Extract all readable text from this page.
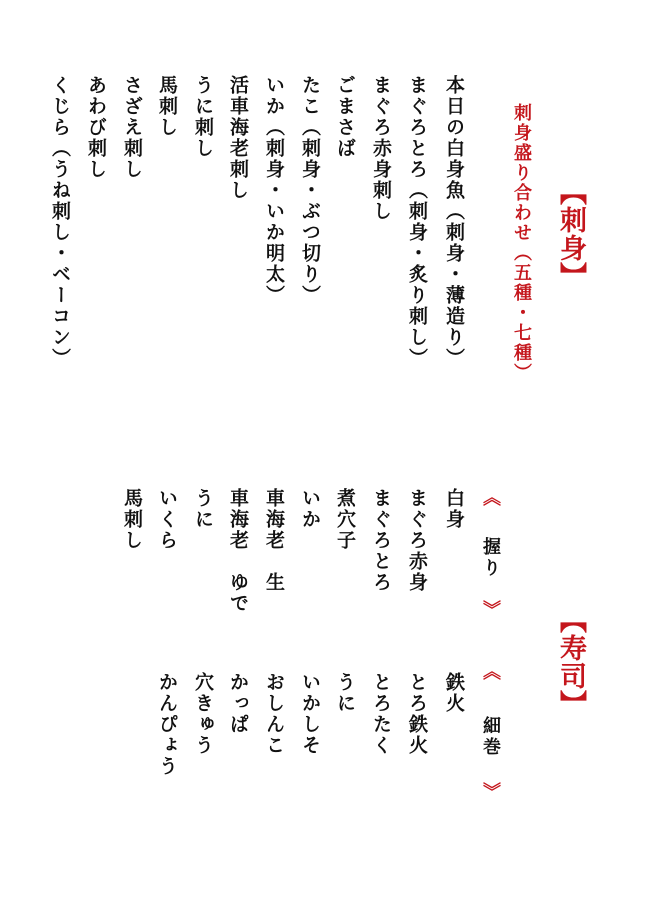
【刺身】
刺身盛り合わせ（五種・七種）
本日の白身魚（刺身・薄造り）
まぐろとろ（刺身・炙り刺し）
まぐろ赤身刺し
ごまさば
たこ（刺身・ぶつ切り）
いか（刺身・いか明太）
活車海老刺し
うに刺し
馬刺し
さざえ刺し
あわび刺し
くじら（うね刺し・ベーコン）
【寿司】
《
握り
》
《
細巻
》
白身
まぐろ赤身
まぐろとろ
煮穴子
いか
車海老　生
車海老　ゆで
うに
いくら
馬刺し
鉄火
とろ鉄火
とろたく
うに
いかしそ
おしんこ
かっぱ
穴きゅう
かんぴょう
